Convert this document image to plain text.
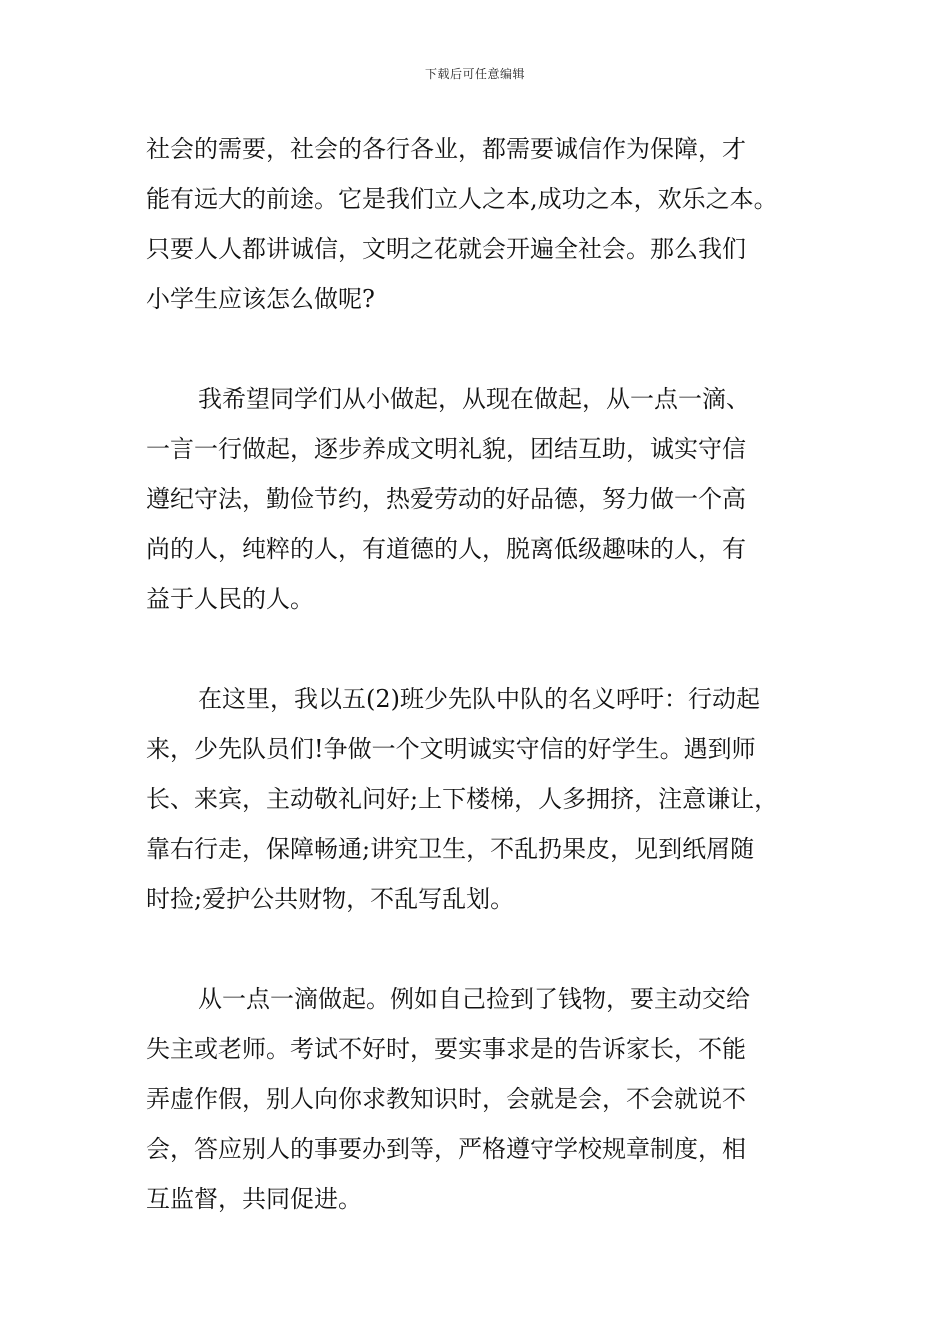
下载后可任意编辑
社会的需要，社会的各行各业，都需要诚信作为保障，才
能有远大的前途。它是我们立人之本,成功之本，欢乐之本。
只要人人都讲诚信，文明之花就会开遍全社会。那么我们
小学生应该怎么做呢?
我希望同学们从小做起，从现在做起，从一点一滴、
一言一行做起，逐步养成文明礼貌，团结互助，诚实守信
遵纪守法，勤俭节约，热爱劳动的好品德，努力做一个高
尚的人，纯粹的人，有道德的人，脱离低级趣味的人，有
益于人民的人。
在这里，我以五(2)班少先队中队的名义呼吁：行动起
来，少先队员们!争做一个文明诚实守信的好学生。遇到师
长、来宾，主动敬礼问好;上下楼梯，人多拥挤，注意谦让，
靠右行走，保障畅通;讲究卫生，不乱扔果皮，见到纸屑随
时捡;爱护公共财物，不乱写乱划。
从一点一滴做起。例如自己捡到了钱物，要主动交给
失主或老师。考试不好时，要实事求是的告诉家长，不能
弄虚作假，别人向你求教知识时，会就是会，不会就说不
会，答应别人的事要办到等，严格遵守学校规章制度，相
互监督，共同促进。
